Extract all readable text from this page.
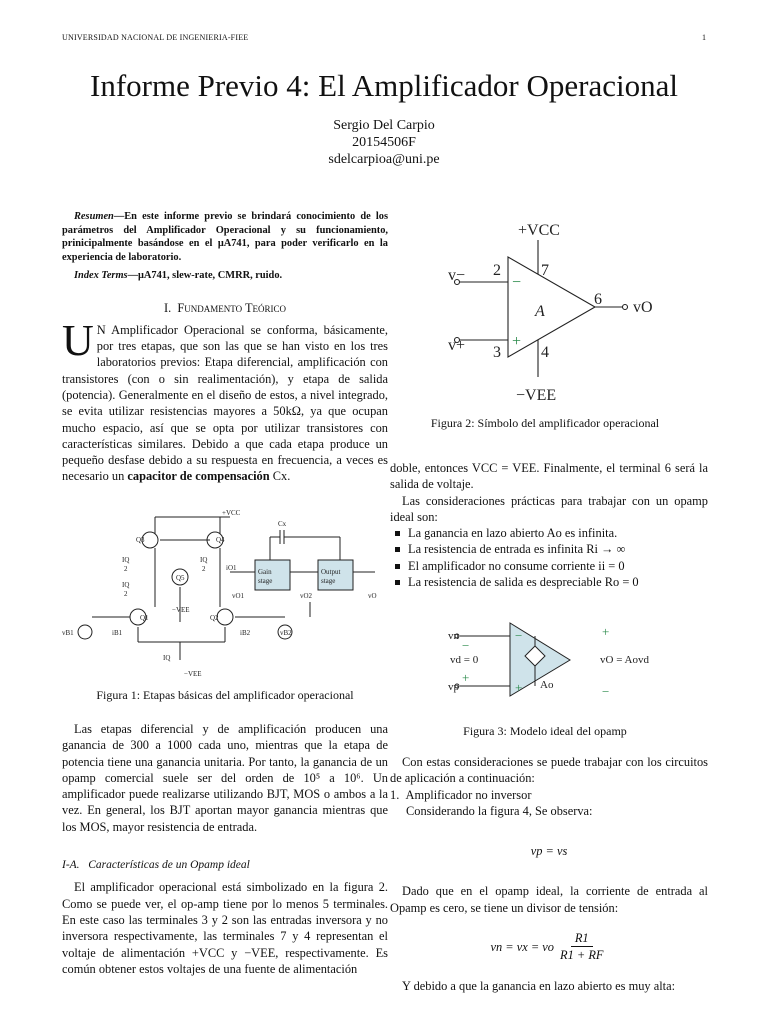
UNIVERSIDAD NACIONAL DE INGENIERIA-FIEE	1
Informe Previo 4: El Amplificador Operacional
Sergio Del Carpio
20154506F
sdelcarpioa@uni.pe

Resumen—En este informe previo se brindará conocimiento de los parámetros del Amplificador Operacional y su funcionamiento, prinicipalmente basándose en el μA741, para poder verificarlo en la experiencia de laboratorio.

Index Terms—μA741, slew-rate, CMRR, ruido.

I. Fundamento Teórico

U N Amplificador Operacional se conforma, básicamente, por tres etapas, que son las que se han visto en los tres laboratorios previos: Etapa diferencial, amplificación con transistores (con o sin realimentación), y etapa de salida (potencia). Generalmente en el diseño de estos, a nivel integrado, se evita utilizar resistencias mayores a 50kΩ, ya que ocupan mucho espacio, así que se opta por utilizar transistores con características similares. Debido a que cada etapa produce un pequeño desfase debido a su respuesta en frecuencia, a veces es necesario un capacitor de compensación Cx.

+VCC
Cx
Q3	Q4
Q5
Q1	Q2
IQ
2
IQ
2
IQ
2	iO1	Gain
stage
Output
stage
vO1	vO2	vO
vB1	vB2
iB1	iB2
IQ
−VEE
−VEE
Figura 1: Etapas básicas del amplificador operacional

Las etapas diferencial y de amplificación producen una ganancia de 300 a 1000 cada uno, mientras que la etapa de potencia tiene una ganancia unitaria. Por tanto, la ganancia de un opamp comercial suele ser del orden de 10⁵ a 10⁶. Un amplificador puede realizarse utilizando BJT, MOS o ambos a la vez. En general, los BJT aportan mayor ganancia mientras que los MOS, mayor resistencia de entrada.

I-A. Características de un Opamp ideal

El amplificador operacional está simbolizado en la figura 2. Como se puede ver, el op-amp tiene por lo menos 5 terminales. En este caso las terminales 3 y 2 son las entradas inversora y no inversora respectivamente, las terminales 7 y 4 representan el voltaje de alimentación +VCC y −VEE, respectivamente. Es común obtener estos voltajes de una fuente de alimentación

+VCC
−VEE
v−
v+
vO
A
2
3	4
6
7
−
+
Figura 2: Símbolo del amplificador operacional

doble, entonces VCC = VEE. Finalmente, el terminal 6 será la salida de voltaje.

Las consideraciones prácticas para trabajar con un opamp ideal son:

La ganancia en lazo abierto Ao es infinita.
La resistencia de entrada es infinita Ri → ∞
El amplificador no consume corriente ii = 0
La resistencia de salida es despreciable Ro = 0
vn
vp
vd = 0	vO = Aovd
Ao
−
+
+
−
−
+
Figura 3: Modelo ideal del opamp

Con estas consideraciones se puede trabajar con los circuitos de aplicación a continuación:

1. Amplificador no inversor
Considerando la figura 4, Se observa:
vp = vs

Dado que en el opamp ideal, la corriente de entrada al Opamp es cero, se tiene un divisor de tensión:

vn = vx = vo
R1
R1 + RF

Y debido a que la ganancia en lazo abierto es muy alta:
